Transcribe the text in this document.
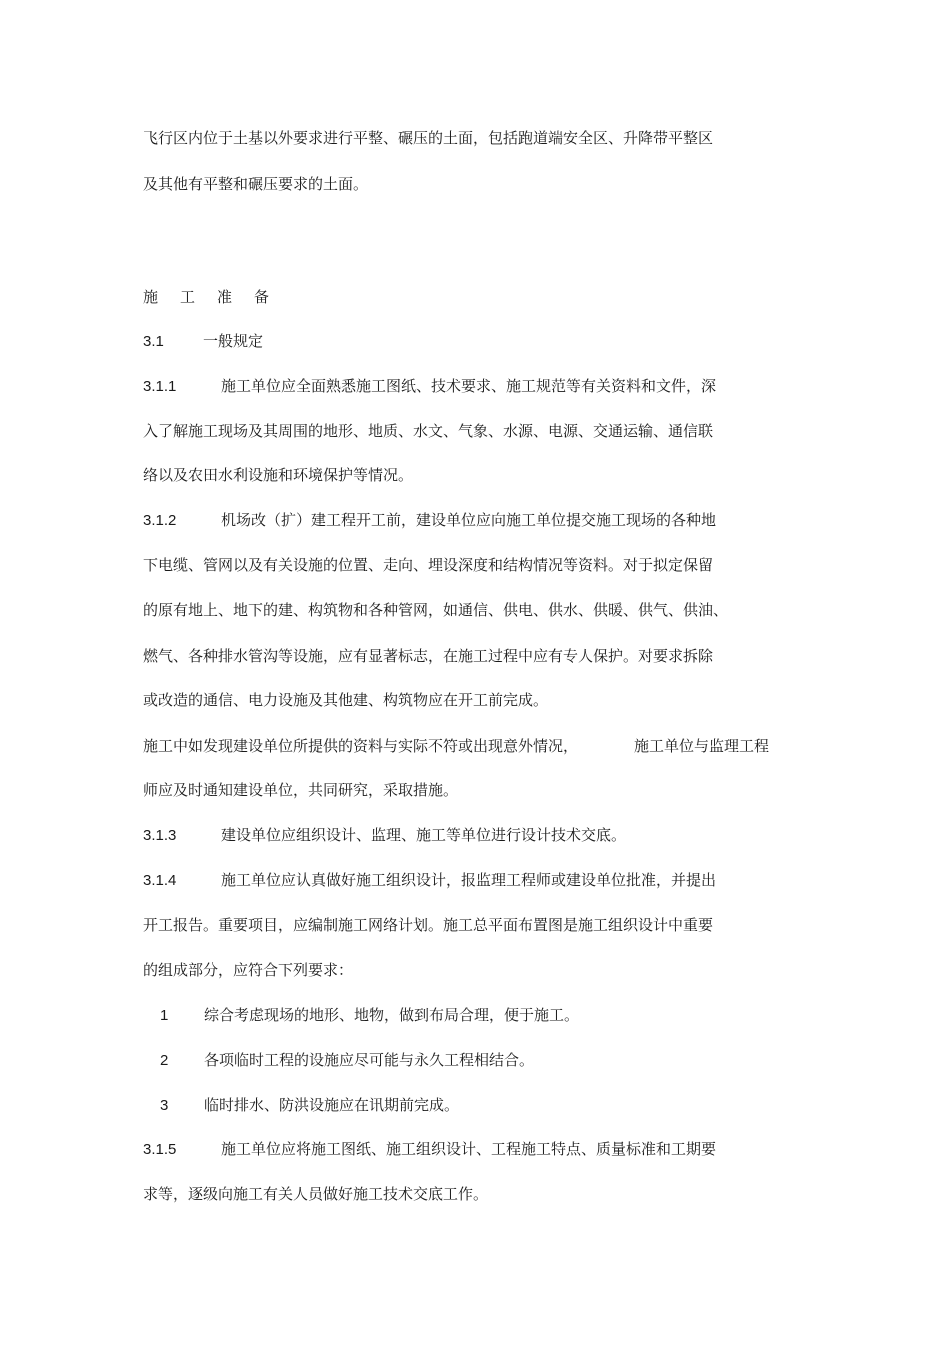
飞行区内位于土基以外要求进行平整、碾压的土面，包括跑道端安全区、升降带平整区
及其他有平整和碾压要求的土面。
施工准备
3.1	一般规定
3.1.1	施工单位应全面熟悉施工图纸、技术要求、施工规范等有关资料和文件，深
入了解施工现场及其周围的地形、地质、水文、气象、水源、电源、交通运输、通信联
络以及农田水利设施和环境保护等情况。
3.1.2	机场改（扩）建工程开工前，建设单位应向施工单位提交施工现场的各种地
下电缆、管网以及有关设施的位置、走向、埋设深度和结构情况等资料。对于拟定保留
的原有地上、地下的建、构筑物和各种管网，如通信、供电、供水、供暖、供气、供油、
燃气、各种排水管沟等设施，应有显著标志，在施工过程中应有专人保护。对要求拆除
或改造的通信、电力设施及其他建、构筑物应在开工前完成。
施工中如发现建设单位所提供的资料与实际不符或出现意外情况，	施工单位与监理工程
师应及时通知建设单位，共同研究，采取措施。
3.1.3	建设单位应组织设计、监理、施工等单位进行设计技术交底。
3.1.4	施工单位应认真做好施工组织设计，报监理工程师或建设单位批准，并提出
开工报告。重要项目，应编制施工网络计划。施工总平面布置图是施工组织设计中重要
的组成部分，应符合下列要求：
1 综合考虑现场的地形、地物，做到布局合理，便于施工。
2 各项临时工程的设施应尽可能与永久工程相结合。
3 临时排水、防洪设施应在讯期前完成。
3.1.5	施工单位应将施工图纸、施工组织设计、工程施工特点、质量标准和工期要
求等，逐级向施工有关人员做好施工技术交底工作。
